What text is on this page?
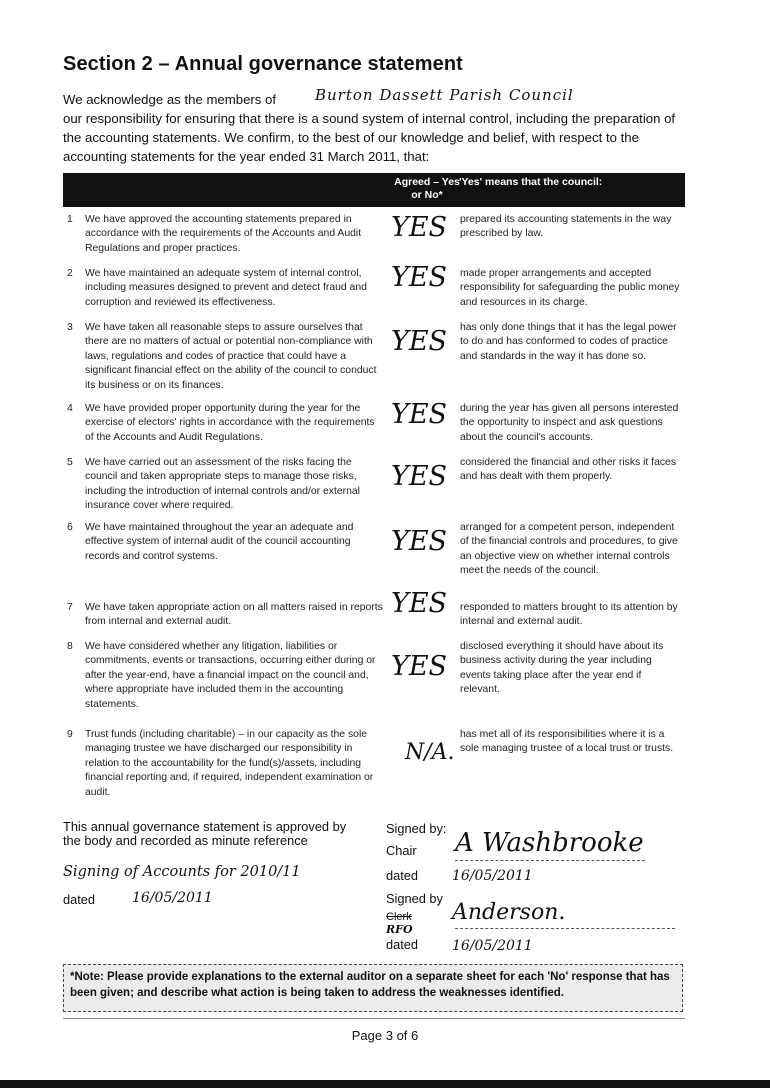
Section 2 – Annual governance statement
We acknowledge as the members of
our responsibility for ensuring that there is a sound system of internal control, including the preparation of the accounting statements. We confirm, to the best of our knowledge and belief, with respect to the accounting statements for the year ended 31 March 2011, that:
Burton Dassett Parish Council
Agreed – Yes or No*
'Yes' means that the council:
1 We have approved the accounting statements prepared in accordance with the requirements of the Accounts and Audit Regulations and proper practices.
YES prepared its accounting statements in the way prescribed by law.
2 We have maintained an adequate system of internal control, including measures designed to prevent and detect fraud and corruption and reviewed its effectiveness.
YES made proper arrangements and accepted responsibility for safeguarding the public money and resources in its charge.
3 We have taken all reasonable steps to assure ourselves that there are no matters of actual or potential non-compliance with laws, regulations and codes of practice that could have a significant financial effect on the ability of the council to conduct its business or on its finances.
YES has only done things that it has the legal power to do and has conformed to codes of practice and standards in the way it has done so.
4 We have provided proper opportunity during the year for the exercise of electors' rights in accordance with the requirements of the Accounts and Audit Regulations.
YES during the year has given all persons interested the opportunity to inspect and ask questions about the council's accounts.
5 We have carried out an assessment of the risks facing the council and taken appropriate steps to manage those risks, including the introduction of internal controls and/or external insurance cover where required.
YES considered the financial and other risks it faces and has dealt with them properly.
6 We have maintained throughout the year an adequate and effective system of internal audit of the council accounting records and control systems.	YES arranged for a competent person, independent of the financial controls and procedures, to give an objective view on whether internal controls meet the needs of the council.
7 We have taken appropriate action on all matters raised in reports from internal and external audit.
YES responded to matters brought to its attention by internal and external audit.
8 We have considered whether any litigation, liabilities or commitments, events or transactions, occurring either during or after the year-end, have a financial impact on the council and, where appropriate have included them in the accounting statements.
YES
disclosed everything it should have about its business activity during the year including events taking place after the year end if relevant.
9 Trust funds (including charitable) – in our capacity as the sole managing trustee we have discharged our responsibility in relation to the accountability for the fund(s)/assets, including financial reporting and, if required, independent examination or audit.
N/A.
has met all of its responsibilities where it is a sole managing trustee of a local trust or trusts.
This annual governance statement is approved by the body and recorded as minute reference
Signing of Accounts for 2010/11
dated	16/05/2011
Signed by:
Chair A Washbrooke
dated 16/05/2011
Signed by
Clerk
RFO
Anderson.
dated 16/05/2011
*Note: Please provide explanations to the external auditor on a separate sheet for each 'No' response that has been given; and describe what action is being taken to address the weaknesses identified.
Page 3 of 6
